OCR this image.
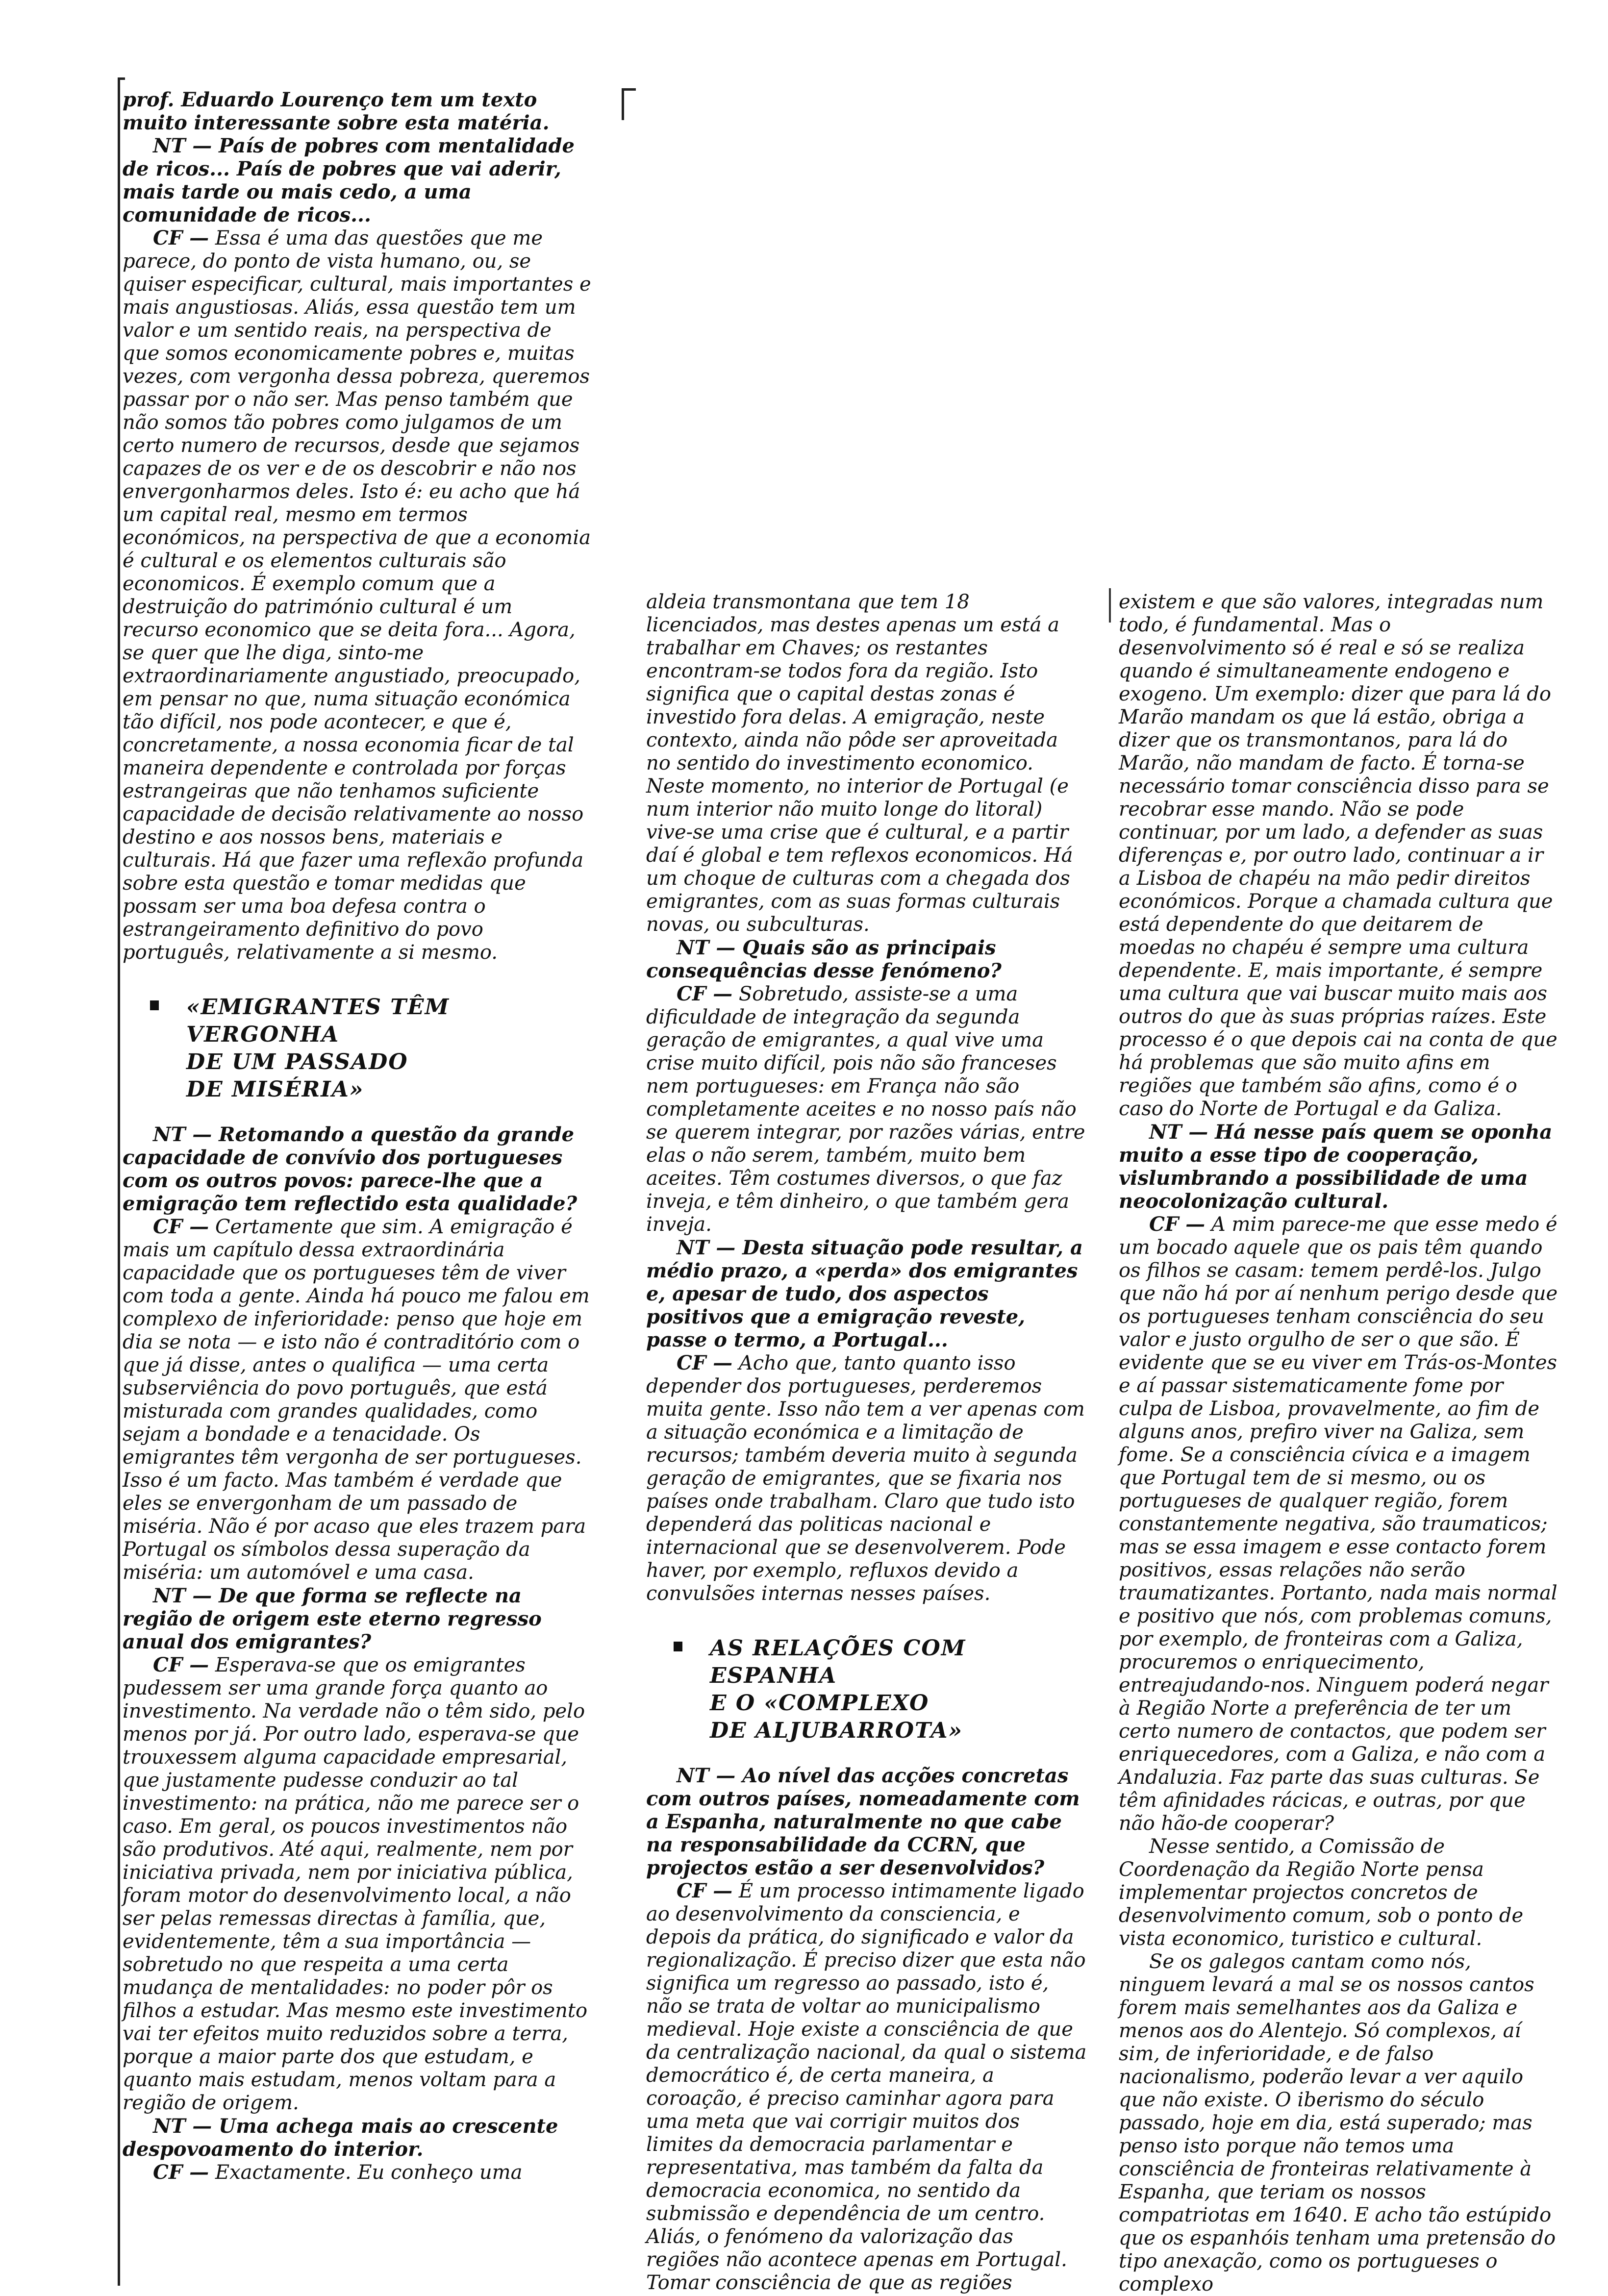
prof. Eduardo Lourenço tem um texto muito interessante sobre esta matéria.

NT — País de pobres com mentalidade de ricos... País de pobres que vai aderir, mais tarde ou mais cedo, a uma comunidade de ricos...

CF — Essa é uma das questões que me parece, do ponto de vista humano, ou, se quiser especificar, cultural, mais importantes e mais angustiosas. Aliás, essa questão tem um valor e um sentido reais, na perspectiva de que somos economicamente pobres e, muitas vezes, com vergonha dessa pobreza, queremos passar por o não ser. Mas penso também que não somos tão pobres como julgamos de um certo numero de recursos, desde que sejamos capazes de os ver e de os descobrir e não nos envergonharmos deles. Isto é: eu acho que há um capital real, mesmo em termos económicos, na perspectiva de que a economia é cultural e os elementos culturais são economicos. É exemplo comum que a destruição do património cultural é um recurso economico que se deita fora... Agora, se quer que lhe diga, sinto-me extraordinariamente angustiado, preocupado, em pensar no que, numa situação económica tão difícil, nos pode acontecer, e que é, concretamente, a nossa economia ficar de tal maneira dependente e controlada por forças estrangeiras que não tenhamos suficiente capacidade de decisão relativamente ao nosso destino e aos nossos bens, materiais e culturais. Há que fazer uma reflexão profunda sobre esta questão e tomar medidas que possam ser uma boa defesa contra o estrangeiramento definitivo do povo português, relativamente a si mesmo.

«EMIGRANTES TÊM VERGONHA
DE UM PASSADO
DE MISÉRIA»

NT — Retomando a questão da grande capacidade de convívio dos portugueses com os outros povos: parece-lhe que a emigração tem reflectido esta qualidade?

CF — Certamente que sim. A emigração é mais um capítulo dessa extraordinária capacidade que os portugueses têm de viver com toda a gente. Ainda há pouco me falou em complexo de inferioridade: penso que hoje em dia se nota — e isto não é contraditório com o que já disse, antes o qualifica — uma certa subserviência do povo português, que está misturada com grandes qualidades, como sejam a bondade e a tenacidade. Os emigrantes têm vergonha de ser portugueses. Isso é um facto. Mas também é verdade que eles se envergonham de um passado de miséria. Não é por acaso que eles trazem para Portugal os símbolos dessa superação da miséria: um automóvel e uma casa.

NT — De que forma se reflecte na região de origem este eterno regresso anual dos emigrantes?

CF — Esperava-se que os emigrantes pudessem ser uma grande força quanto ao investimento. Na verdade não o têm sido, pelo menos por já. Por outro lado, esperava-se que trouxessem alguma capacidade empresarial, que justamente pudesse conduzir ao tal investimento: na prática, não me parece ser o caso. Em geral, os poucos investimentos não são produtivos. Até aqui, realmente, nem por iniciativa privada, nem por iniciativa pública, foram motor do desenvolvimento local, a não ser pelas remessas directas à família, que, evidentemente, têm a sua importância — sobretudo no que respeita a uma certa mudança de mentalidades: no poder pôr os filhos a estudar. Mas mesmo este investimento vai ter efeitos muito reduzidos sobre a terra, porque a maior parte dos que estudam, e quanto mais estudam, menos voltam para a região de origem.

NT — Uma achega mais ao crescente despovoamento do interior.

CF — Exactamente. Eu conheço uma

aldeia transmontana que tem 18 licenciados, mas destes apenas um está a trabalhar em Chaves; os restantes encontram-se todos fora da região. Isto significa que o capital destas zonas é investido fora delas. A emigração, neste contexto, ainda não pôde ser aproveitada no sentido do investimento economico. Neste momento, no interior de Portugal (e num interior não muito longe do litoral) vive-se uma crise que é cultural, e a partir daí é global e tem reflexos economicos. Há um choque de culturas com a chegada dos emigrantes, com as suas formas culturais novas, ou subculturas.

NT — Quais são as principais consequências desse fenómeno?

CF — Sobretudo, assiste-se a uma dificuldade de integração da segunda geração de emigrantes, a qual vive uma crise muito difícil, pois não são franceses nem portugueses: em França não são completamente aceites e no nosso país não se querem integrar, por razões várias, entre elas o não serem, também, muito bem aceites. Têm costumes diversos, o que faz inveja, e têm dinheiro, o que também gera inveja.

NT — Desta situação pode resultar, a médio prazo, a «perda» dos emigrantes e, apesar de tudo, dos aspectos positivos que a emigração reveste, passe o termo, a Portugal...

CF — Acho que, tanto quanto isso depender dos portugueses, perderemos muita gente. Isso não tem a ver apenas com a situação económica e a limitação de recursos; também deveria muito à segunda geração de emigrantes, que se fixaria nos países onde trabalham. Claro que tudo isto dependerá das politicas nacional e internacional que se desenvolverem. Pode haver, por exemplo, refluxos devido a convulsões internas nesses países.

AS RELAÇÕES COM ESPANHA
E O «COMPLEXO
DE ALJUBARROTA»

NT — Ao nível das acções concretas com outros países, nomeadamente com a Espanha, naturalmente no que cabe na responsabilidade da CCRN, que projectos estão a ser desenvolvidos?

CF — É um processo intimamente ligado ao desenvolvimento da consciencia, e depois da prática, do significado e valor da regionalização. É preciso dizer que esta não significa um regresso ao passado, isto é, não se trata de voltar ao municipalismo medieval. Hoje existe a consciência de que da centralização nacional, da qual o sistema democrático é, de certa maneira, a coroação, é preciso caminhar agora para uma meta que vai corrigir muitos dos limites da democracia parlamentar e representativa, mas também da falta da democracia economica, no sentido da submissão e dependência de um centro. Aliás, o fenómeno da valorização das regiões não acontece apenas em Portugal. Tomar consciência de que as regiões

existem e que são valores, integradas num todo, é fundamental. Mas o desenvolvimento só é real e só se realiza quando é simultaneamente endogeno e exogeno. Um exemplo: dizer que para lá do Marão mandam os que lá estão, obriga a dizer que os transmontanos, para lá do Marão, não mandam de facto. É torna-se necessário tomar consciência disso para se recobrar esse mando. Não se pode continuar, por um lado, a defender as suas diferenças e, por outro lado, continuar a ir a Lisboa de chapéu na mão pedir direitos económicos. Porque a chamada cultura que está dependente do que deitarem de moedas no chapéu é sempre uma cultura dependente. E, mais importante, é sempre uma cultura que vai buscar muito mais aos outros do que às suas próprias raízes. Este processo é o que depois cai na conta de que há problemas que são muito afins em regiões que também são afins, como é o caso do Norte de Portugal e da Galiza.

NT — Há nesse país quem se oponha muito a esse tipo de cooperação, vislumbrando a possibilidade de uma neocolonização cultural.

CF — A mim parece-me que esse medo é um bocado aquele que os pais têm quando os filhos se casam: temem perdê-los. Julgo que não há por aí nenhum perigo desde que os portugueses tenham consciência do seu valor e justo orgulho de ser o que são. É evidente que se eu viver em Trás-os-Montes e aí passar sistematicamente fome por culpa de Lisboa, provavelmente, ao fim de alguns anos, prefiro viver na Galiza, sem fome. Se a consciência cívica e a imagem que Portugal tem de si mesmo, ou os portugueses de qualquer região, forem constantemente negativa, são traumaticos; mas se essa imagem e esse contacto forem positivos, essas relações não serão traumatizantes. Portanto, nada mais normal e positivo que nós, com problemas comuns, por exemplo, de fronteiras com a Galiza, procuremos o enriquecimento, entreajudando-nos. Ninguem poderá negar à Região Norte a preferência de ter um certo numero de contactos, que podem ser enriquecedores, com a Galiza, e não com a Andaluzia. Faz parte das suas culturas. Se têm afinidades rácicas, e outras, por que não hão-de cooperar?

Nesse sentido, a Comissão de Coordenação da Região Norte pensa implementar projectos concretos de desenvolvimento comum, sob o ponto de vista economico, turistico e cultural.

Se os galegos cantam como nós, ninguem levará a mal se os nossos cantos forem mais semelhantes aos da Galiza e menos aos do Alentejo. Só complexos, aí sim, de inferioridade, e de falso nacionalismo, poderão levar a ver aquilo que não existe. O iberismo do século passado, hoje em dia, está superado; mas penso isto porque não temos uma consciência de fronteiras relativamente à Espanha, que teriam os nossos compatriotas em 1640. E acho tão estúpido que os espanhóis tenham uma pretensão do tipo anexação, como os portugueses o complexo
